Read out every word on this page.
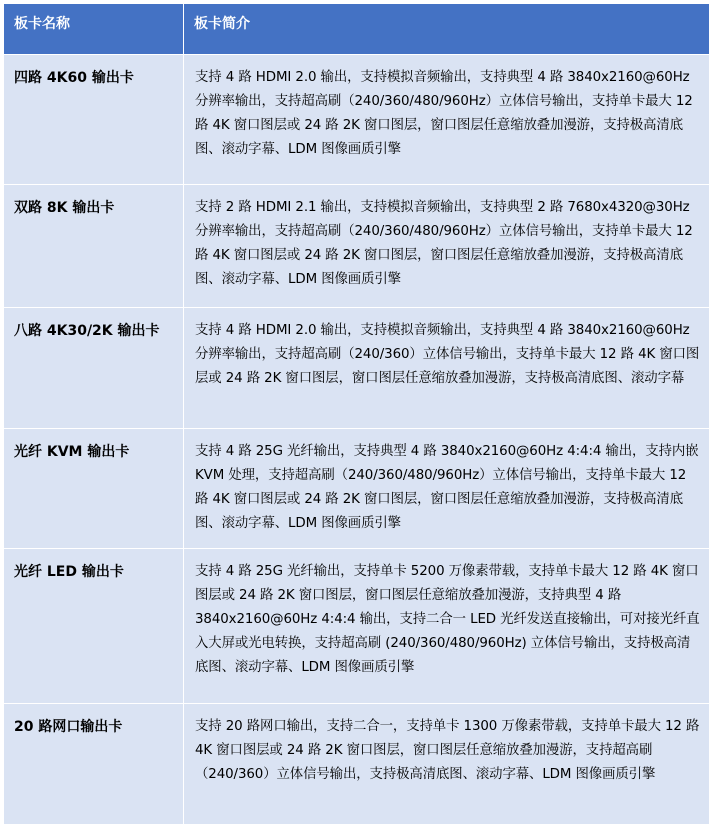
板卡名称	板卡简介
四路 4K60 输出卡	支持 4 路 HDMI 2.0 输出，支持模拟音频输出，支持典型 4 路 3840x2160@60Hz 分辨率输出，支持超高刷（240/360/480/960Hz）立体信号输出，支持单卡最大 12 路 4K 窗口图层或 24 路 2K 窗口图层，窗口图层任意缩放叠加漫游，支持极高清底图、滚动字幕、LDM 图像画质引擎
双路 8K 输出卡	支持 2 路 HDMI 2.1 输出，支持模拟音频输出，支持典型 2 路 7680x4320@30Hz 分辨率输出，支持超高刷（240/360/480/960Hz）立体信号输出，支持单卡最大 12 路 4K 窗口图层或 24 路 2K 窗口图层，窗口图层任意缩放叠加漫游，支持极高清底图、滚动字幕、LDM 图像画质引擎
八路 4K30/2K 输出卡	支持 4 路 HDMI 2.0 输出，支持模拟音频输出，支持典型 4 路 3840x2160@60Hz 分辨率输出，支持超高刷（240/360）立体信号输出，支持单卡最大 12 路 4K 窗口图层或 24 路 2K 窗口图层，窗口图层任意缩放叠加漫游，支持极高清底图、滚动字幕
光纤 KVM 输出卡	支持 4 路 25G 光纤输出，支持典型 4 路 3840x2160@60Hz 4:4:4 输出，支持内嵌 KVM 处理，支持超高刷（240/360/480/960Hz）立体信号输出，支持单卡最大 12 路 4K 窗口图层或 24 路 2K 窗口图层，窗口图层任意缩放叠加漫游，支持极高清底图、滚动字幕、LDM 图像画质引擎
光纤 LED 输出卡	支持 4 路 25G 光纤输出，支持单卡 5200 万像素带载，支持单卡最大 12 路 4K 窗口图层或 24 路 2K 窗口图层，窗口图层任意缩放叠加漫游，支持典型 4 路 3840x2160@60Hz 4:4:4 输出，支持二合一 LED 光纤发送直接输出，可对接光纤直入大屏或光电转换，支持超高刷 (240/360/480/960Hz) 立体信号输出，支持极高清底图、滚动字幕、LDM 图像画质引擎
20 路网口输出卡	支持 20 路网口输出，支持二合一，支持单卡 1300 万像素带载，支持单卡最大 12 路 4K 窗口图层或 24 路 2K 窗口图层，窗口图层任意缩放叠加漫游，支持超高刷（240/360）立体信号输出，支持极高清底图、滚动字幕、LDM 图像画质引擎
